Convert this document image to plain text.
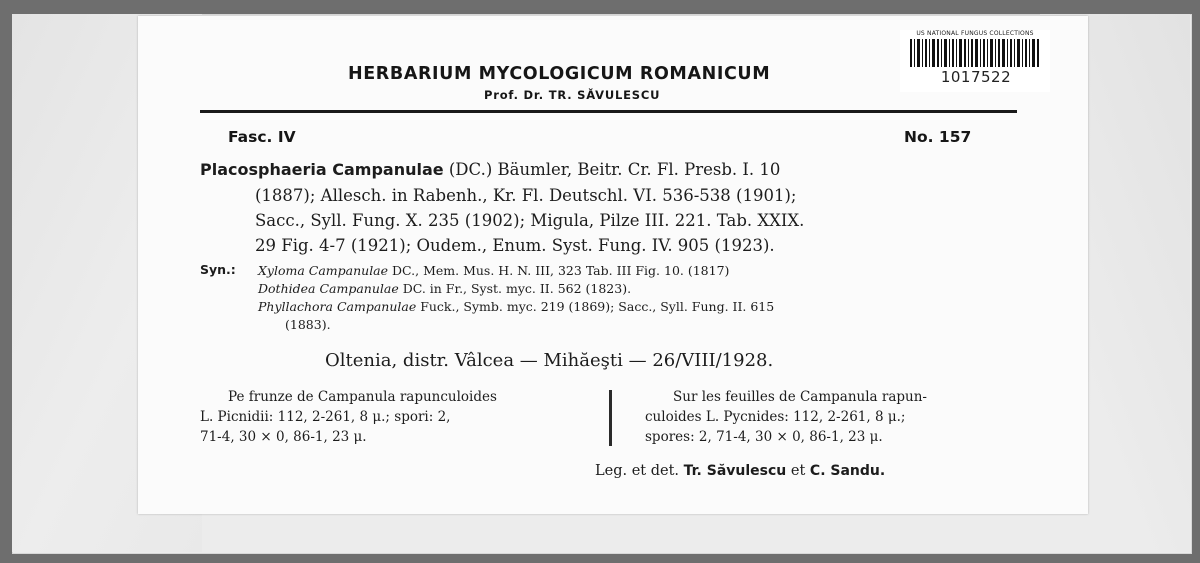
US NATIONAL FUNGUS COLLECTIONS
1017522
HERBARIUM MYCOLOGICUM ROMANICUM
Prof. Dr. TR. SĂVULESCU
Fasc. IV	No. 157
Placosphaeria Campanulae (DC.) Bäumler, Beitr. Cr. Fl. Presb. I. 10
(1887); Allesch. in Rabenh., Kr. Fl. Deutschl. VI. 536-538 (1901);
Sacc., Syll. Fung. X. 235 (1902); Migula, Pilze III. 221. Tab. XXIX.
29 Fig. 4-7 (1921); Oudem., Enum. Syst. Fung. IV. 905 (1923).
Syn.: Xyloma Campanulae DC., Mem. Mus. H. N. III, 323 Tab. III Fig. 10. (1817)
Dothidea Campanulae DC. in Fr., Syst. myc. II. 562 (1823).
Phyllachora Campanulae Fuck., Symb. myc. 219 (1869); Sacc., Syll. Fung. II. 615
(1883).
Oltenia, distr. Vâlcea — Mihăeşti — 26/VIII/1928.
Pe frunze de Campanula rapunculoides
L. Picnidii: 112, 2-261, 8 μ.; spori: 2,
71-4, 30 × 0, 86-1, 23 μ.
Sur les feuilles de Campanula rapun-
culoides L. Pycnides: 112, 2-261, 8 μ.;
spores: 2, 71-4, 30 × 0, 86-1, 23 μ.
Leg. et det. Tr. Săvulescu et C. Sandu.
